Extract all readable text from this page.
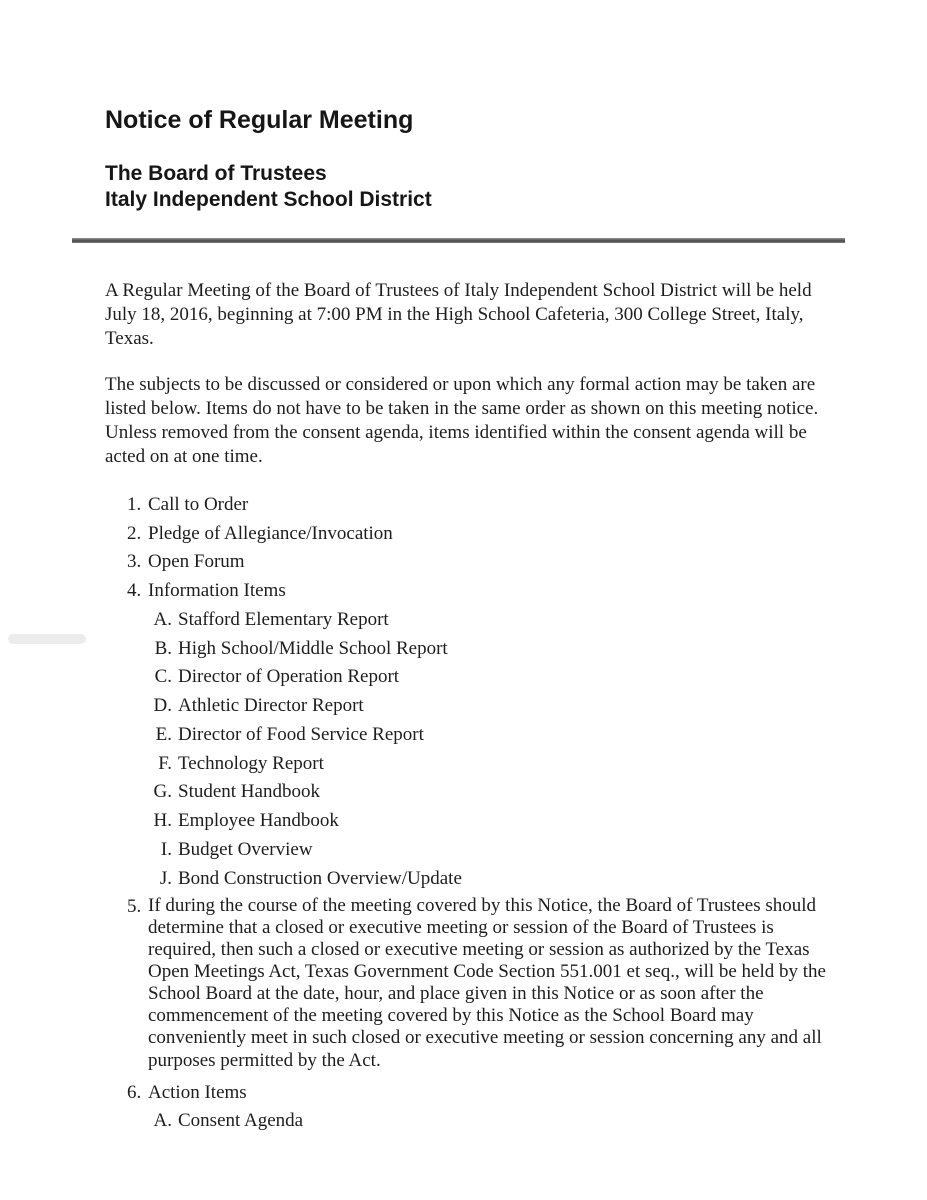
Notice of Regular Meeting
The Board of Trustees
Italy Independent School District

A Regular Meeting of the Board of Trustees of Italy Independent School District will be held July 18, 2016, beginning at 7:00 PM in the High School Cafeteria, 300 College Street, Italy, Texas.

The subjects to be discussed or considered or upon which any formal action may be taken are listed below. Items do not have to be taken in the same order as shown on this meeting notice. Unless removed from the consent agenda, items identified within the consent agenda will be acted on at one time.

1. Call to Order
2. Pledge of Allegiance/Invocation
3. Open Forum
4. Information Items
A. Stafford Elementary Report
B. High School/Middle School Report
C. Director of Operation Report
D. Athletic Director Report
E. Director of Food Service Report
F. Technology Report
G. Student Handbook
H. Employee Handbook
I. Budget Overview
J. Bond Construction Overview/Update
5. If during the course of the meeting covered by this Notice, the Board of Trustees should determine that a closed or executive meeting or session of the Board of Trustees is required, then such a closed or executive meeting or session as authorized by the Texas Open Meetings Act, Texas Government Code Section 551.001 et seq., will be held by the School Board at the date, hour, and place given in this Notice or as soon after the commencement of the meeting covered by this Notice as the School Board may conveniently meet in such closed or executive meeting or session concerning any and all purposes permitted by the Act.
6. Action Items
A. Consent Agenda
